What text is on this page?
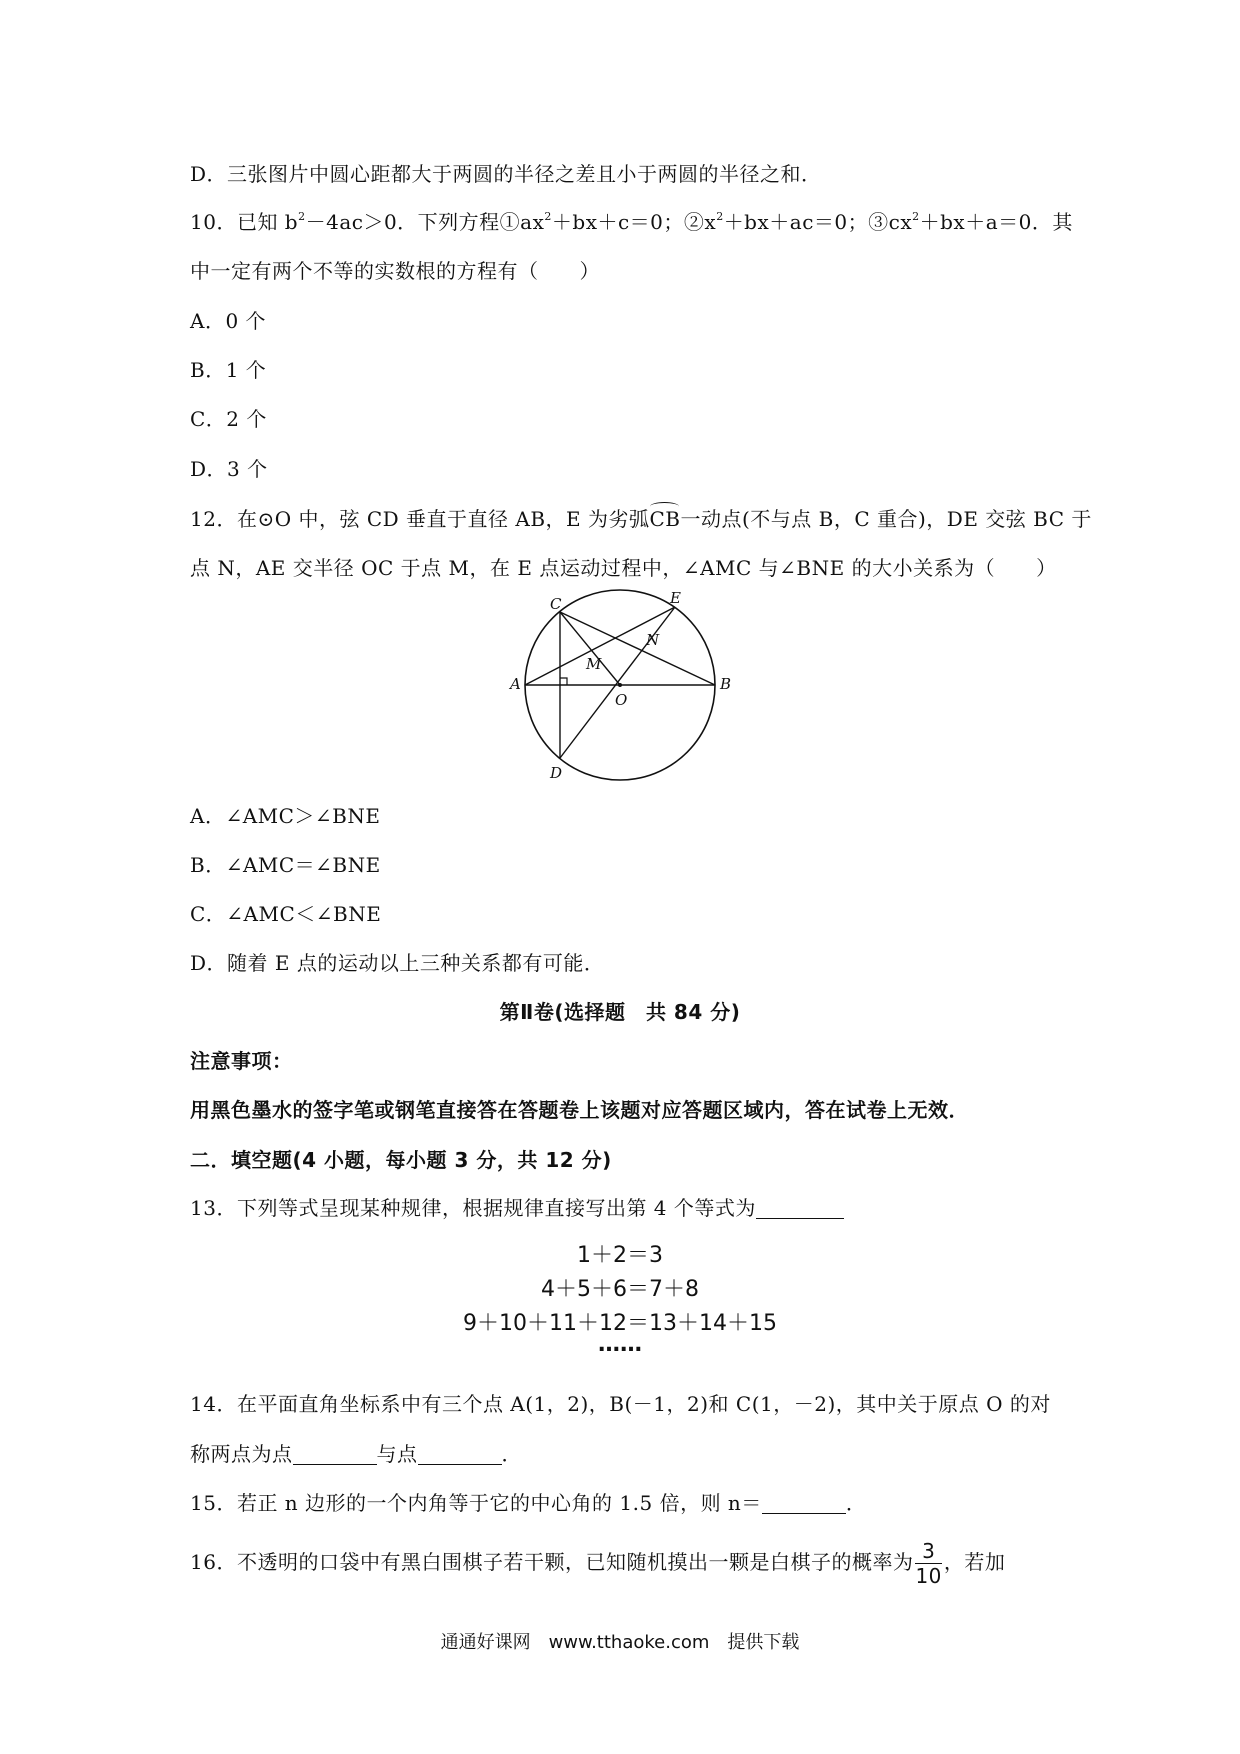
D．三张图片中圆心距都大于两圆的半径之差且小于两圆的半径之和．
10．已知 $b^2-4ac>0$．下列方程$①ax^2+bx+c=0$；$②x^2+bx+ac=0$；$③cx^2+bx+a=0$．其
中一定有两个不等的实数根的方程有（　　）
A．0 个
B．1 个
C．2 个
D．3 个
12．在⊙O 中，弦 CD 垂直于直径 AB，E 为劣弧CB一动点(不与点 B，C 重合)，DE 交弦 BC 于
点 N，AE 交半径 OC 于点 M，在 E 点运动过程中，∠AMC 与∠BNE 的大小关系为（　　）
C	E
A	B
O
M
N
D
A．∠AMC＞∠BNE
B．∠AMC＝∠BNE
C．∠AMC＜∠BNE
D．随着 E 点的运动以上三种关系都有可能．
第Ⅱ卷(选择题　共 84 分)
注意事项：
用黑色墨水的签字笔或钢笔直接答在答题卷上该题对应答题区域内，答在试卷上无效．
二．填空题(4 小题，每小题 3 分，共 12 分)
13．下列等式呈现某种规律，根据规律直接写出第 4 个等式为
1＋2＝3
4＋5＋6＝7＋8
9＋10＋11＋12＝13＋14＋15
……
14．在平面直角坐标系中有三个点 A(1，2)，B(－1，2)和 C(1，－2)，其中关于原点 O 的对
称两点为点	与点	．
15．若正 n 边形的一个内角等于它的中心角的 1.5 倍，则 n＝	．
16．不透明的口袋中有黑白围棋子若干颗，已知随机摸出一颗是白棋子的概率为 $\frac{3}{10}$ ，若加
通通好课网　www.tthaoke.com　提供下载
